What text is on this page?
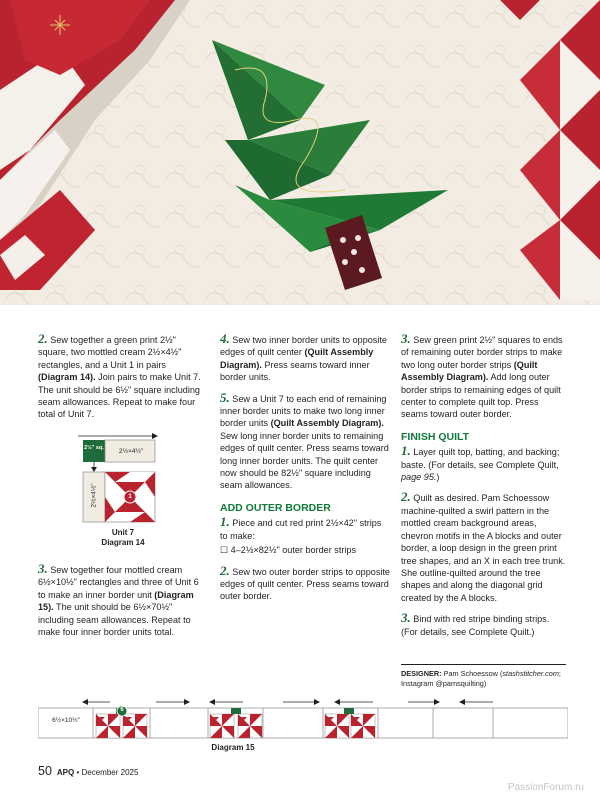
2. Sew together a green print 2½" square, two mottled cream 2½×4½" rectangles, and a Unit 1 in pairs (Diagram 14). Join pairs to make Unit 7. The unit should be 6½" square including seam allowances. Repeat to make four total of Unit 7.

2½" sq.	2½×4½"
2½×4½"	1
Unit 7
Diagram 14

3. Sew together four mottled cream 6½×10½" rectangles and three of Unit 6 to make an inner border unit (Diagram 15). The unit should be 6½×70½" including seam allowances. Repeat to make four inner border units total.

4. Sew two inner border units to opposite edges of quilt center (Quilt Assembly Diagram). Press seams toward inner border units.

5. Sew a Unit 7 to each end of remaining inner border units to make two long inner border units (Quilt Assembly Diagram). Sew long inner border units to remaining edges of quilt center. Press seams toward long inner border units. The quilt center now should be 82½" square including seam allowances.

ADD OUTER BORDER

1. Piece and cut red print 2½×42" strips to make:

☐ 4–2½×82½" outer border strips

2. Sew two outer border strips to opposite edges of quilt center. Press seams toward outer border.

3. Sew green print 2½" squares to ends of remaining outer border strips to make two long outer border strips (Quilt Assembly Diagram). Add long outer border strips to remaining edges of quilt center to complete quilt top. Press seams toward outer border.

FINISH QUILT

1. Layer quilt top, batting, and backing; baste. (For details, see Complete Quilt, page 95.)

2. Quilt as desired. Pam Schoessow machine-quilted a swirl pattern in the mottled cream background areas, chevron motifs in the A blocks and outer border, a loop design in the green print tree shapes, and an X in each tree trunk. She outline-quilted around the tree shapes and along the diagonal grid created by the A blocks.

3. Bind with red stripe binding strips. (For details, see Complete Quilt.)

DESIGNER: Pam Schoessow (stashstitcher.com; Instagram @pamsquilting)
6½×10½"
6
Diagram 15
50 APQ • December 2025
PassionForum.ru
